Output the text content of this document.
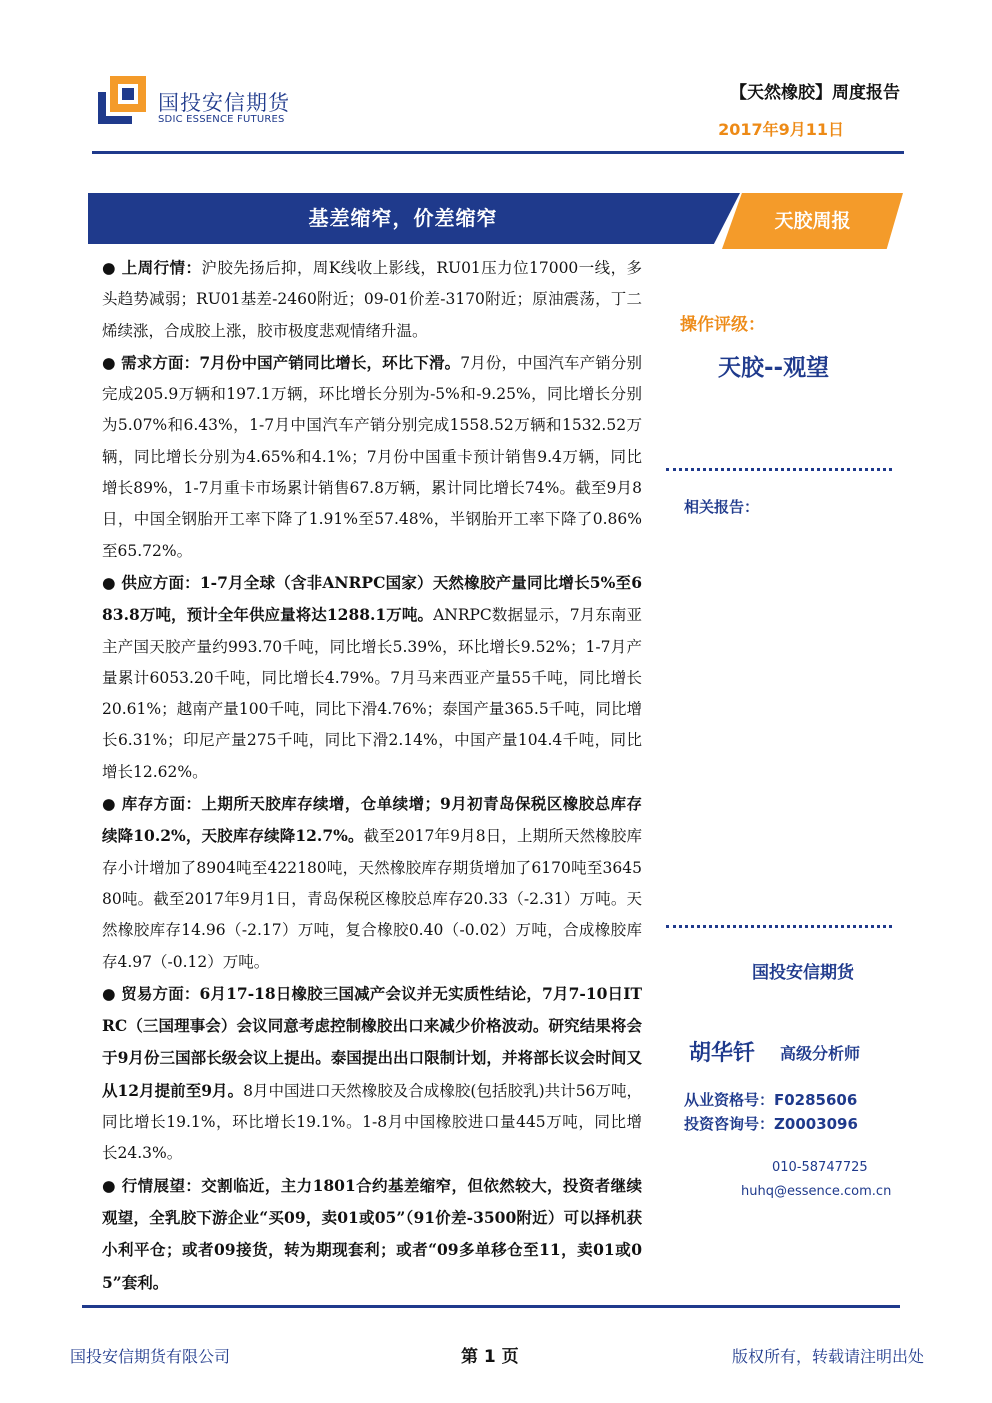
国投安信期货
SDIC ESSENCE FUTURES
【天然橡胶】周度报告
2017年9月11日
基差缩窄，价差缩窄	天胶周报

● 上周行情：沪胶先扬后抑，周K线收上影线，RU01压力位17000一线，多头趋势减弱；RU01基差-2460附近；09-01价差-3170附近；原油震荡，丁二烯续涨，合成胶上涨，胶市极度悲观情绪升温。

● 需求方面：7月份中国产销同比增长，环比下滑。7月份，中国汽车产销分别完成205.9万辆和197.1万辆，环比增长分别为-5%和-9.25%，同比增长分别为5.07%和6.43%，1-7月中国汽车产销分别完成1558.52万辆和1532.52万辆，同比增长分别为4.65%和4.1%；7月份中国重卡预计销售9.4万辆，同比增长89%，1-7月重卡市场累计销售67.8万辆，累计同比增长74%。截至9月8日，中国全钢胎开工率下降了1.91%至57.48%，半钢胎开工率下降了0.86%至65.72%。

● 供应方面：1-7月全球（含非ANRPC国家）天然橡胶产量同比增长5%至683.8万吨，预计全年供应量将达1288.1万吨。ANRPC数据显示，7月东南亚主产国天胶产量约993.70千吨，同比增长5.39%，环比增长9.52%；1-7月产量累计6053.20千吨，同比增长4.79%。7月马来西亚产量55千吨，同比增长20.61%；越南产量100千吨，同比下滑4.76%；泰国产量365.5千吨，同比增长6.31%；印尼产量275千吨，同比下滑2.14%，中国产量104.4千吨，同比增长12.62%。

● 库存方面：上期所天胶库存续增，仓单续增；9月初青岛保税区橡胶总库存续降10.2%，天胶库存续降12.7%。截至2017年9月8日，上期所天然橡胶库存小计增加了8904吨至422180吨，天然橡胶库存期货增加了6170吨至364580吨。截至2017年9月1日，青岛保税区橡胶总库存20.33（-2.31）万吨。天然橡胶库存14.96（-2.17）万吨，复合橡胶0.40（-0.02）万吨，合成橡胶库存4.97（-0.12）万吨。

● 贸易方面：6月17-18日橡胶三国减产会议并无实质性结论，7月7-10日ITRC（三国理事会）会议同意考虑控制橡胶出口来减少价格波动。研究结果将会于9月份三国部长级会议上提出。泰国提出出口限制计划，并将部长议会时间又从12月提前至9月。8月中国进口天然橡胶及合成橡胶(包括胶乳)共计56万吨，同比增长19.1%，环比增长19.1%。1-8月中国橡胶进口量445万吨，同比增长24.3%。

● 行情展望：交割临近，主力1801合约基差缩窄，但依然较大，投资者继续观望，全乳胶下游企业“买09，卖01或05”（91价差-3500附近）可以择机获小利平仓；或者09接货，转为期现套利；或者“09多单移仓至11，卖01或05”套利。

操作评级：
天胶--观望
相关报告：
国投安信期货
胡华钎 高级分析师
从业资格号：F0285606
投资咨询号：Z0003096
010-58747725
huhq@essence.com.cn
国投安信期货有限公司	第 1 页	版权所有，转载请注明出处
